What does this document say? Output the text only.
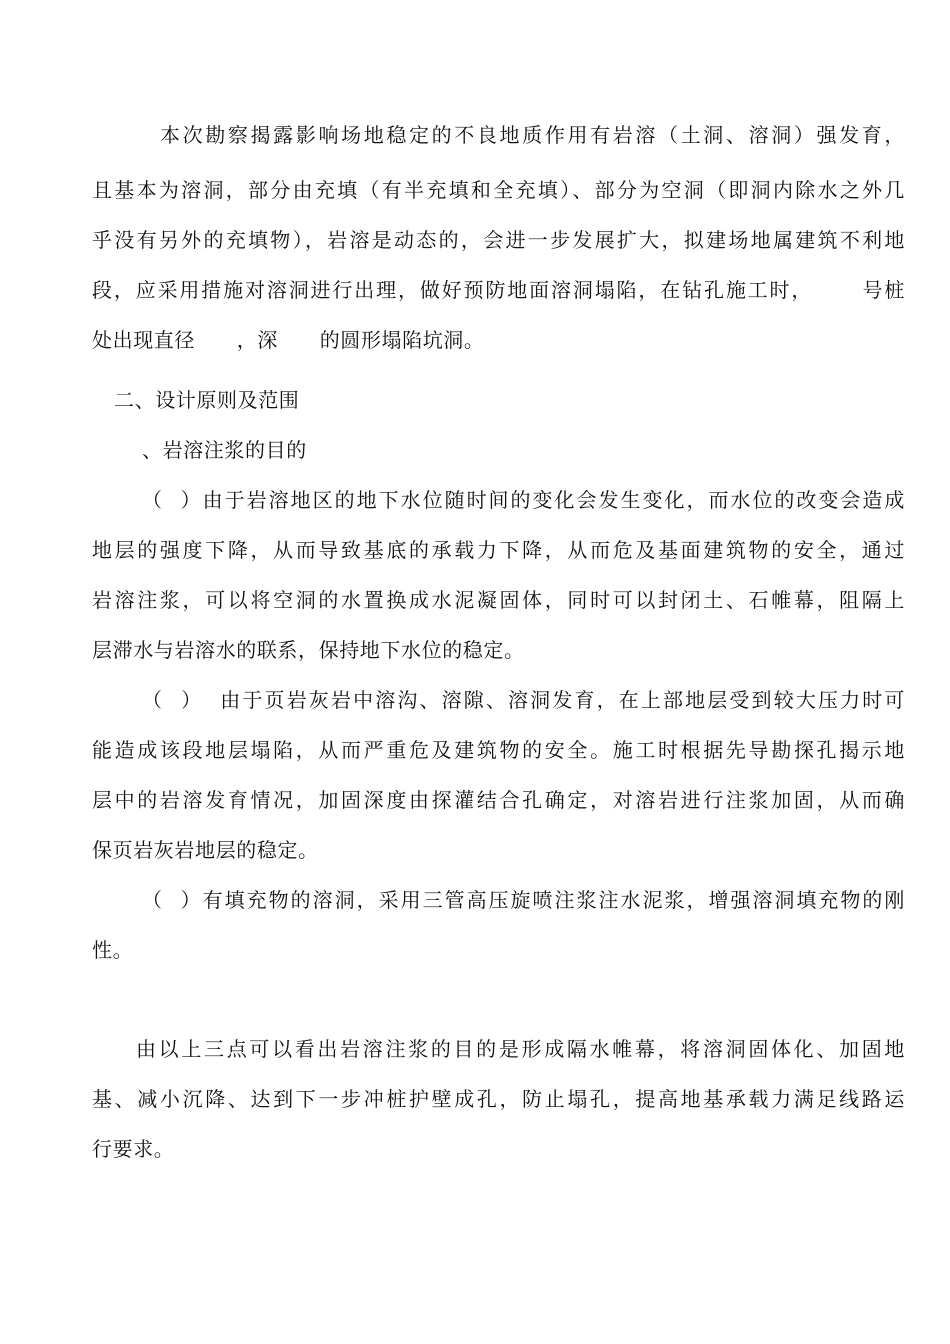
本次勘察揭露影响场地稳定的不良地质作用有岩溶（土洞、溶洞）强发育，
且基本为溶洞，部分由充填（有半充填和全充填）、部分为空洞（即洞内除水之外几
乎没有另外的充填物），岩溶是动态的，会进一步发展扩大，拟建场地属建筑不利地
段，应采用措施对溶洞进行出理，做好预防地面溶洞塌陷，在钻孔施工时，      号桩
处出现直径      ，深      的圆形塌陷坑洞。
二、设计原则及范围
、岩溶注浆的目的
（  ）由于岩溶地区的地下水位随时间的变化会发生变化，而水位的改变会造成
地层的强度下降，从而导致基底的承载力下降，从而危及基面建筑物的安全，通过
岩溶注浆，可以将空洞的水置换成水泥凝固体，同时可以封闭土、石帷幕，阻隔上
层滞水与岩溶水的联系，保持地下水位的稳定。
（  ）  由于页岩灰岩中溶沟、溶隙、溶洞发育，在上部地层受到较大压力时可
能造成该段地层塌陷，从而严重危及建筑物的安全。施工时根据先导勘探孔揭示地
层中的岩溶发育情况，加固深度由探灌结合孔确定，对溶岩进行注浆加固，从而确
保页岩灰岩地层的稳定。
（  ）有填充物的溶洞，采用三管高压旋喷注浆注水泥浆，增强溶洞填充物的刚
性。
由以上三点可以看出岩溶注浆的目的是形成隔水帷幕，将溶洞固体化、加固地
基、减小沉降、达到下一步冲桩护壁成孔，防止塌孔，提高地基承载力满足线路运
行要求。
